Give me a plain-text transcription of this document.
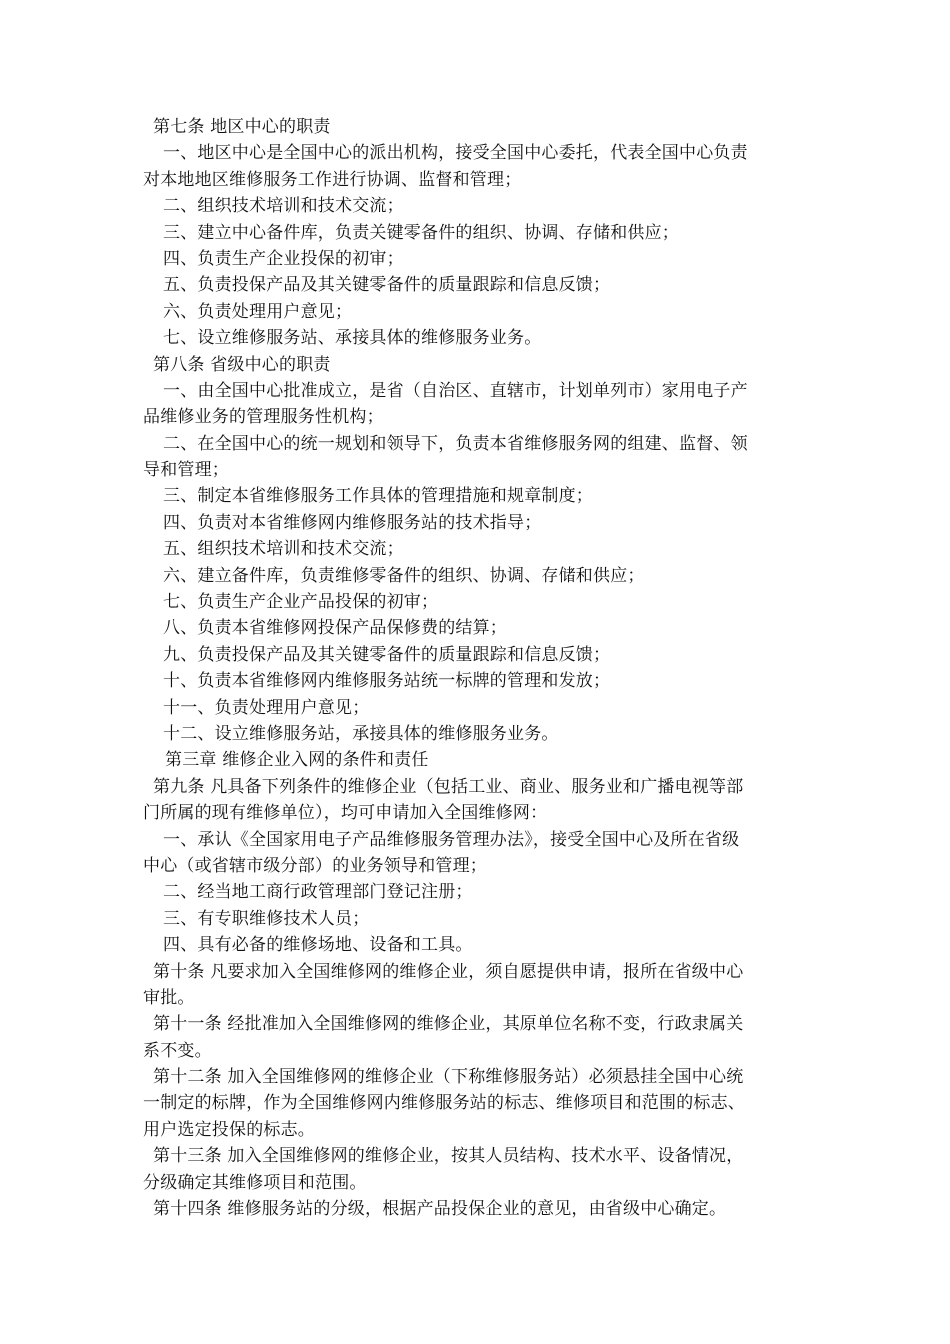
第七条 地区中心的职责
一、地区中心是全国中心的派出机构，接受全国中心委托，代表全国中心负责
对本地地区维修服务工作进行协调、监督和管理；
二、组织技术培训和技术交流；
三、建立中心备件库，负责关键零备件的组织、协调、存储和供应；
四、负责生产企业投保的初审；
五、负责投保产品及其关键零备件的质量跟踪和信息反馈；
六、负责处理用户意见；
七、设立维修服务站、承接具体的维修服务业务。
第八条 省级中心的职责
一、由全国中心批准成立，是省（自治区、直辖市，计划单列市）家用电子产
品维修业务的管理服务性机构；
二、在全国中心的统一规划和领导下，负责本省维修服务网的组建、监督、领
导和管理；
三、制定本省维修服务工作具体的管理措施和规章制度；
四、负责对本省维修网内维修服务站的技术指导；
五、组织技术培训和技术交流；
六、建立备件库，负责维修零备件的组织、协调、存储和供应；
七、负责生产企业产品投保的初审；
八、负责本省维修网投保产品保修费的结算；
九、负责投保产品及其关键零备件的质量跟踪和信息反馈；
十、负责本省维修网内维修服务站统一标牌的管理和发放；
十一、负责处理用户意见；
十二、设立维修服务站，承接具体的维修服务业务。
第三章 维修企业入网的条件和责任
第九条 凡具备下列条件的维修企业（包括工业、商业、服务业和广播电视等部
门所属的现有维修单位），均可申请加入全国维修网：
一、承认《全国家用电子产品维修服务管理办法》，接受全国中心及所在省级
中心（或省辖市级分部）的业务领导和管理；
二、经当地工商行政管理部门登记注册；
三、有专职维修技术人员；
四、具有必备的维修场地、设备和工具。
第十条 凡要求加入全国维修网的维修企业，须自愿提供申请，报所在省级中心
审批。
第十一条 经批准加入全国维修网的维修企业，其原单位名称不变，行政隶属关
系不变。
第十二条 加入全国维修网的维修企业（下称维修服务站）必须悬挂全国中心统
一制定的标牌，作为全国维修网内维修服务站的标志、维修项目和范围的标志、
用户选定投保的标志。
第十三条 加入全国维修网的维修企业，按其人员结构、技术水平、设备情况，
分级确定其维修项目和范围。
第十四条 维修服务站的分级，根据产品投保企业的意见，由省级中心确定。
